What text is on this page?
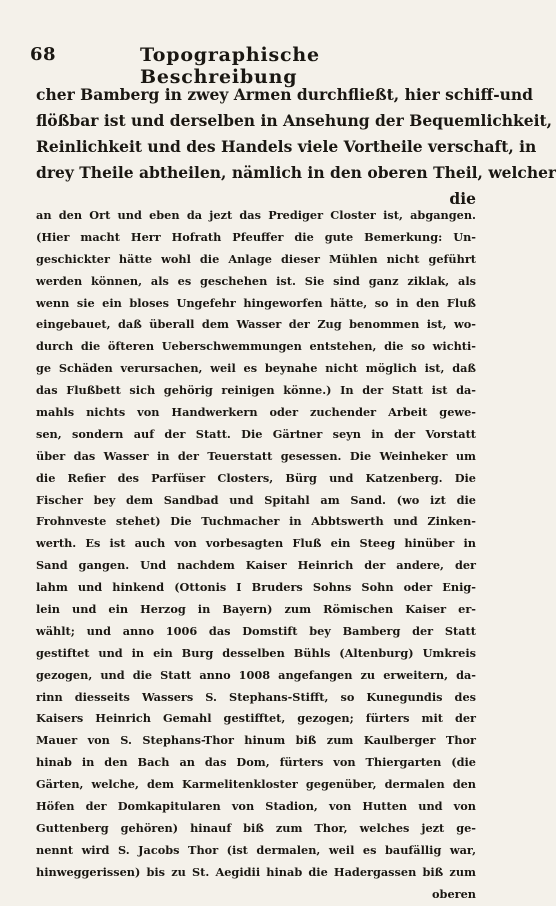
68	Topographische Beschreibung
cher Bamberg in zwey Armen durchfließt, hier schiff-und
flößbar ist und derselben in Ansehung der Bequemlichkeit,
Reinlichkeit und des Handels viele Vortheile verschaft, in
drey Theile abtheilen, nämlich in den oberen Theil, welcher
die
an den Ort und eben da jezt das Prediger Closter ist, abgangen.
(Hier macht Herr Hofrath Pfeuffer die gute Bemerkung: Un-
geschickter hätte wohl die Anlage dieser Mühlen nicht geführt
werden können, als es geschehen ist. Sie sind ganz ziklak, als
wenn sie ein bloses Ungefehr hingeworfen hätte, so in den Fluß
eingebauet, daß überall dem Wasser der Zug benommen ist, wo-
durch die öfteren Ueberschwemmungen entstehen, die so wichti-
ge Schäden verursachen, weil es beynahe nicht möglich ist, daß
das Flußbett sich gehörig reinigen könne.) In der Statt ist da-
mahls nichts von Handwerkern oder zuchender Arbeit gewe-
sen, sondern auf der Statt. Die Gärtner seyn in der Vorstatt
über das Wasser in der Teuerstatt gesessen. Die Weinheker um
die Refier des Parfüser Closters, Bürg und Katzenberg. Die
Fischer bey dem Sandbad und Spitahl am Sand. (wo izt die
Frohnveste stehet) Die Tuchmacher in Abbtswerth und Zinken-
werth. Es ist auch von vorbesagten Fluß ein Steeg hinüber in
Sand gangen. Und nachdem Kaiser Heinrich der andere, der
lahm und hinkend (Ottonis I Bruders Sohns Sohn oder Enig-
lein und ein Herzog in Bayern) zum Römischen Kaiser er-
wählt; und anno 1006 das Domstift bey Bamberg der Statt
gestiftet und in ein Burg desselben Bühls (Altenburg) Umkreis
gezogen, und die Statt anno 1008 angefangen zu erweitern, da-
rinn diesseits Wassers S. Stephans-Stifft, so Kunegundis des
Kaisers Heinrich Gemahl gestifftet, gezogen; fürters mit der
Mauer von S. Stephans-Thor hinum biß zum Kaulberger Thor
hinab in den Bach an das Dom, fürters von Thiergarten (die
Gärten, welche, dem Karmelitenkloster gegenüber, dermalen den
Höfen der Domkapitularen von Stadion, von Hutten und von
Guttenberg gehören) hinauf biß zum Thor, welches jezt ge-
nennt wird S. Jacobs Thor (ist dermalen, weil es baufällig war,
hinweggerissen) bis zu St. Aegidii hinab die Hadergassen biß zum
oberen
